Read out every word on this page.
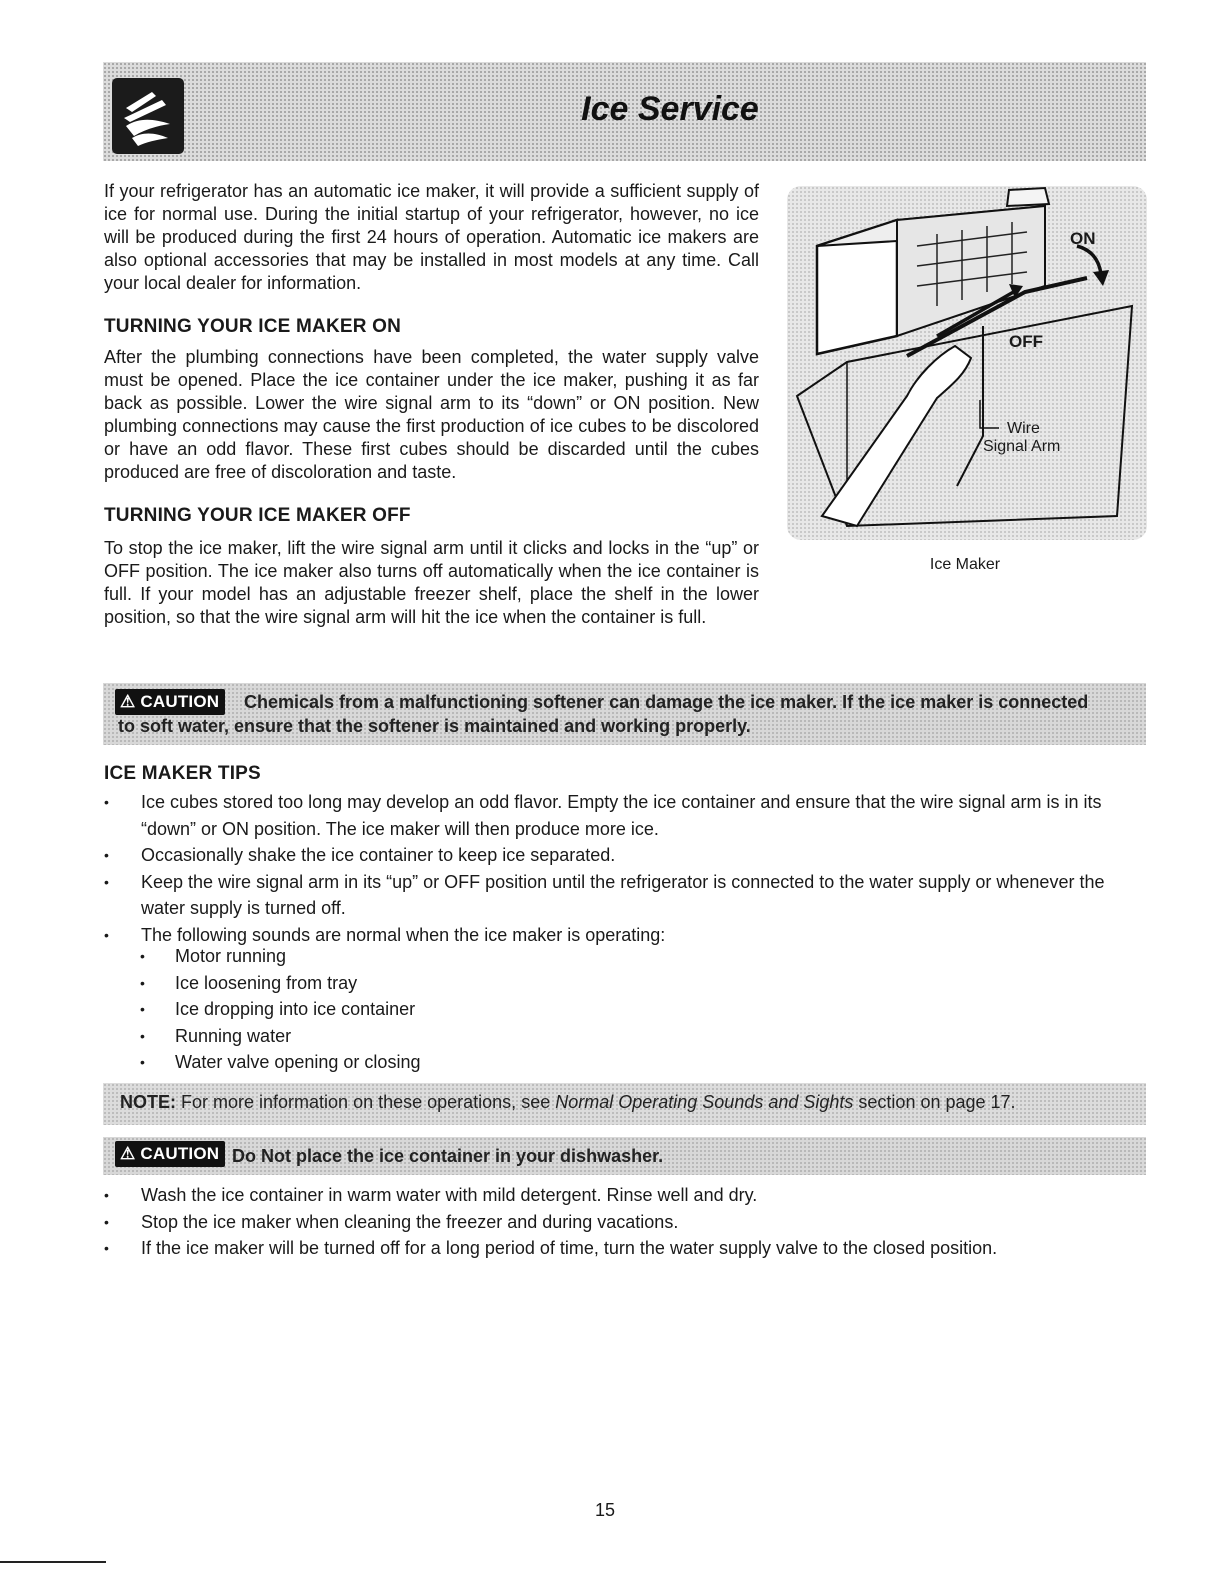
Ice Service

If your refrigerator has an automatic ice maker, it will provide a sufficient supply of ice for normal use. During the initial startup of your refrigerator, however, no ice will be produced during the first 24 hours of operation. Automatic ice makers are also optional accessories that may be installed in most models at any time. Call your local dealer for information.

TURNING YOUR ICE MAKER ON

After the plumbing connections have been completed, the water supply valve must be opened. Place the ice container under the ice maker, pushing it as far back as possible. Lower the wire signal arm to its “down” or ON position. New plumbing connections may cause the first production of ice cubes to be discolored or have an odd flavor. These first cubes should be discarded until the cubes produced are free of discoloration and taste.

TURNING YOUR ICE MAKER OFF

To stop the ice maker, lift the wire signal arm until it clicks and locks in the “up” or OFF position. The ice maker also turns off automatically when the ice container is full. If your model has an adjustable freezer shelf, place the shelf in the lower position, so that the wire signal arm will hit the ice when the container is full.

ON
OFF
Wire
Signal Arm
Ice Maker
⚠ CAUTION	Chemicals from a malfunctioning softener can damage the ice maker. If the ice maker is connected
to soft water, ensure that the softener is maintained and working properly.
ICE MAKER TIPS
• Ice cubes stored too long may develop an odd flavor. Empty the ice container and ensure that the wire signal arm is in its “down” or ON position. The ice maker will then produce more ice.
• Occasionally shake the ice container to keep ice separated.
• Keep the wire signal arm in its “up” or OFF position until the refrigerator is connected to the water supply or whenever the water supply is turned off.
• The following sounds are normal when the ice maker is operating:
• Motor running
• Ice loosening from tray
• Ice dropping into ice container
• Running water
• Water valve opening or closing
NOTE: For more information on these operations, see Normal Operating Sounds and Sights section on page 17.
⚠ CAUTION Do Not place the ice container in your dishwasher.
• Wash the ice container in warm water with mild detergent. Rinse well and dry.
• Stop the ice maker when cleaning the freezer and during vacations.
• If the ice maker will be turned off for a long period of time, turn the water supply valve to the closed position.
15
